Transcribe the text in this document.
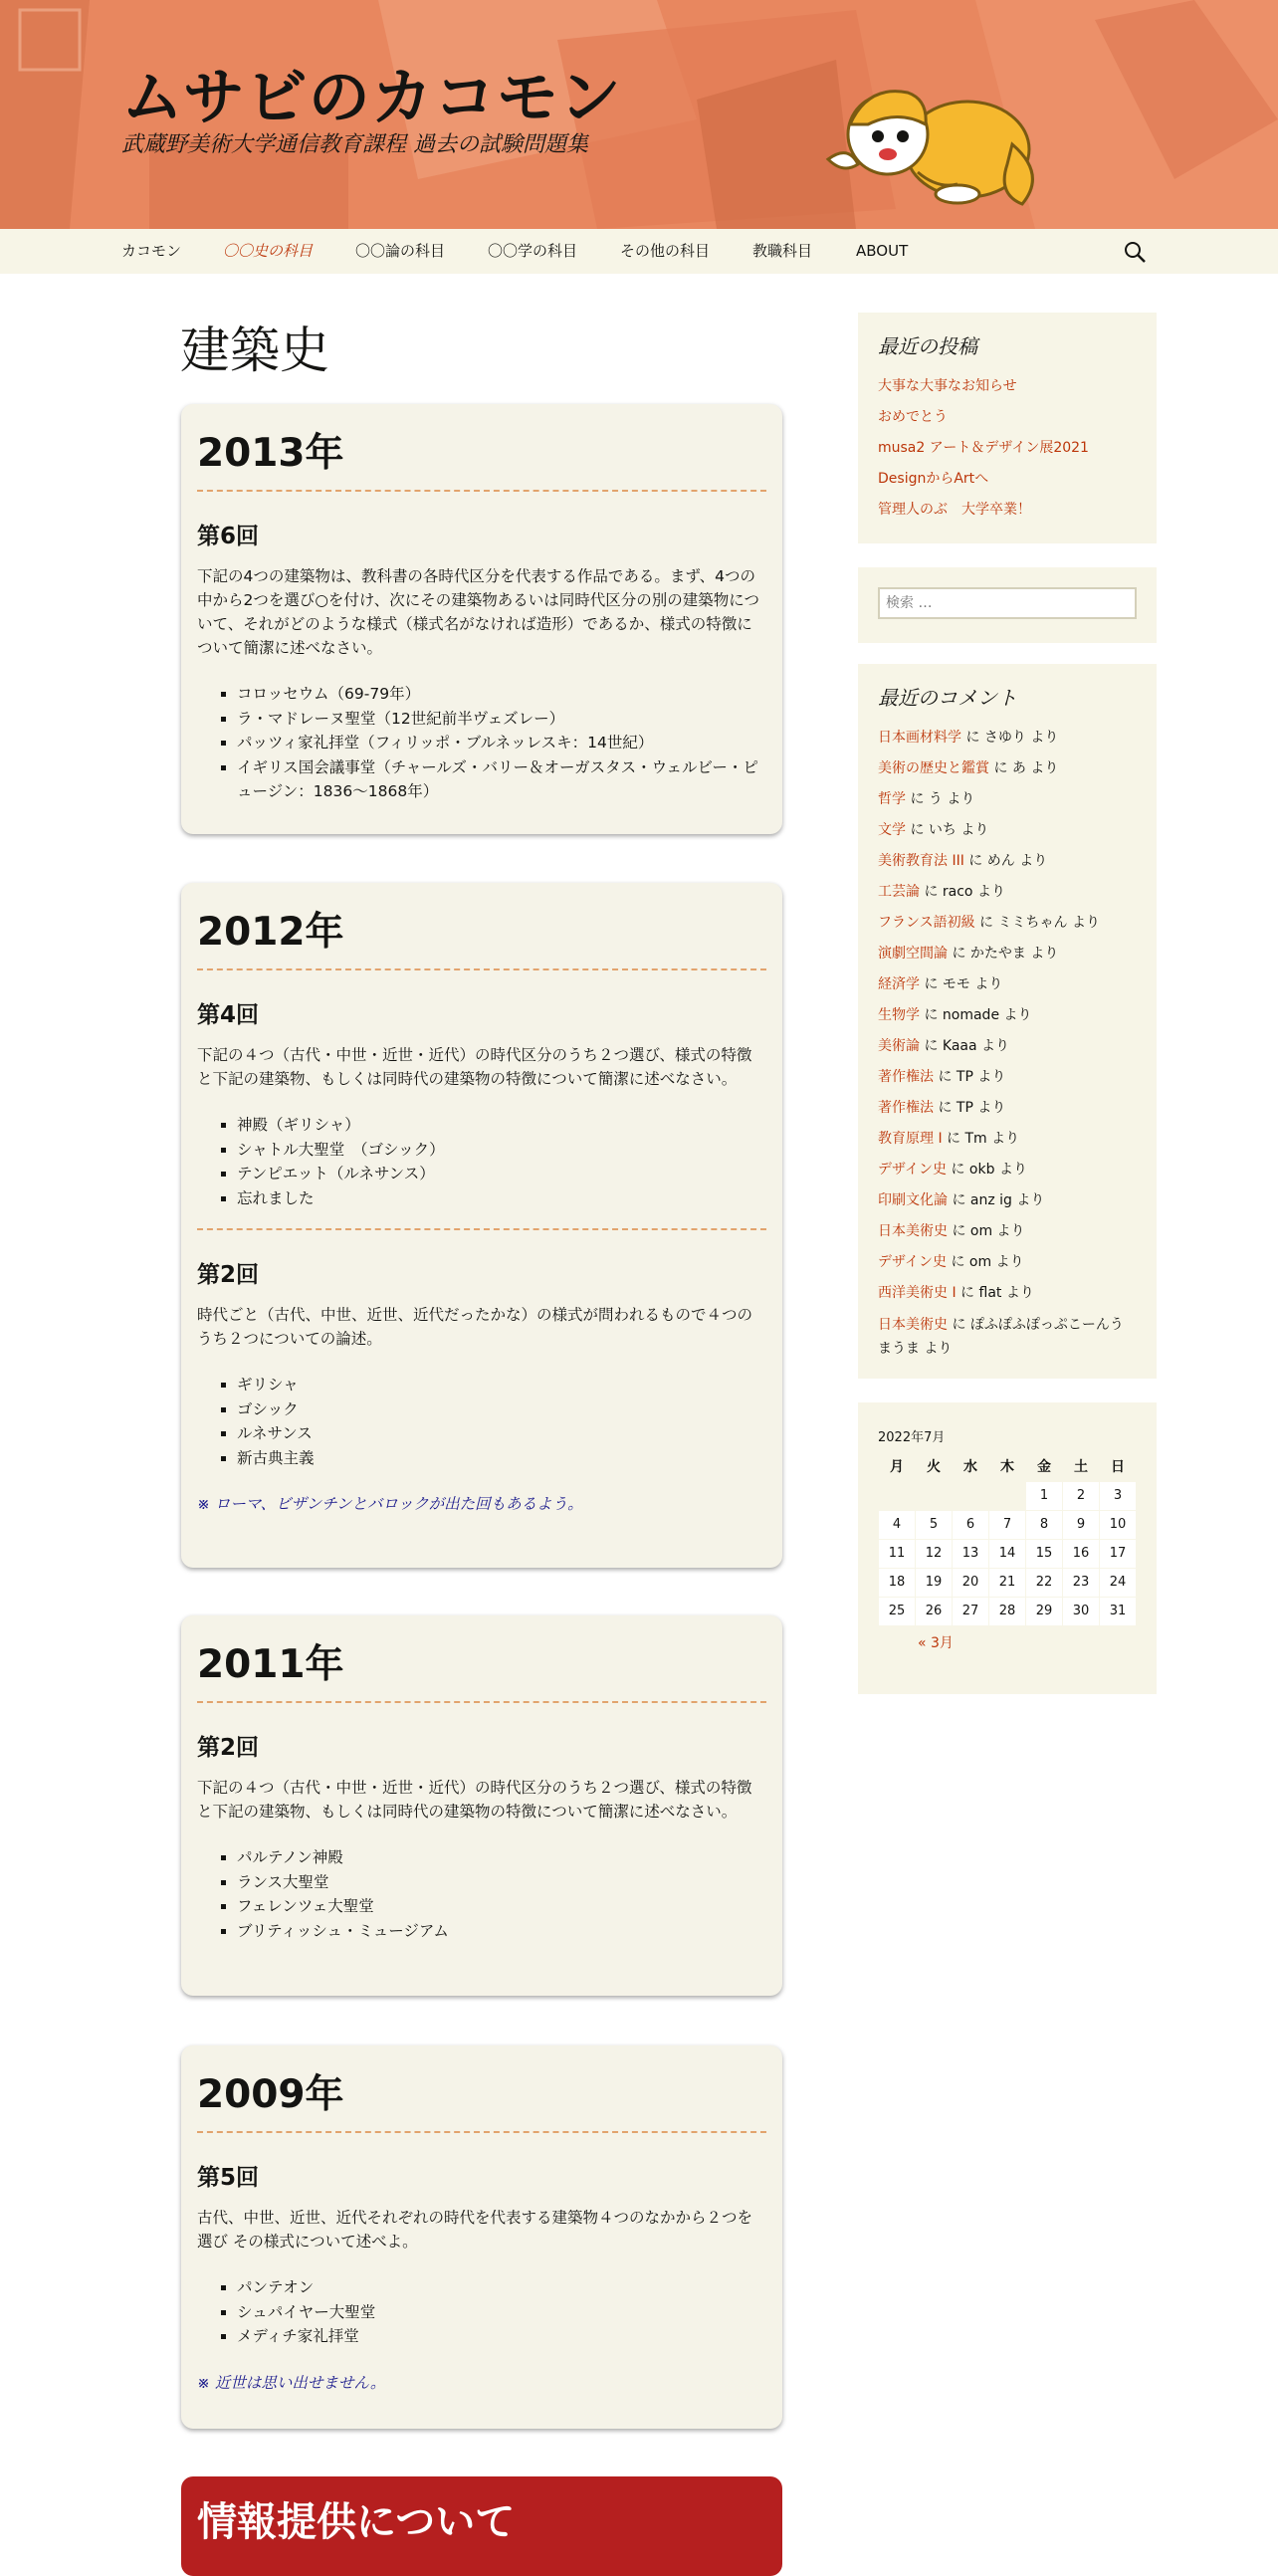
ムサビのカコモン
武蔵野美術大学通信教育課程 過去の試験問題集
カコモン	〇〇史の科目	〇〇論の科目	〇〇学の科目	その他の科目	教職科目	ABOUT
建築史
2013年
第6回

下記の4つの建築物は、教科書の各時代区分を代表する作品である。まず、4つの中から2つを選び○を付け、次にその建築物あるいは同時代区分の別の建築物について、それがどのような様式（様式名がなければ造形）であるか、様式の特徴について簡潔に述べなさい。

▪ コロッセウム（69-79年）
▪ ラ・マドレーヌ聖堂（12世紀前半ヴェズレー）
▪ パッツィ家礼拝堂（フィリッポ・ブルネッレスキ：14世紀）
▪ イギリス国会議事堂（チャールズ・バリー＆オーガスタス・ウェルビー・ピュージン：1836～1868年）
2012年
第4回

下記の４つ（古代・中世・近世・近代）の時代区分のうち２つ選び、様式の特徴と下記の建築物、もしくは同時代の建築物の特徴について簡潔に述べなさい。

▪ 神殿（ギリシャ）
▪ シャトル大聖堂　（ゴシック）
▪ テンピエット（ルネサンス）
▪ 忘れました
第2回

時代ごと（古代、中世、近世、近代だったかな）の様式が問われるもので４つのうち２つについての論述。

▪ ギリシャ
▪ ゴシック
▪ ルネサンス
▪ 新古典主義
※ ローマ、ビザンチンとバロックが出た回もあるよう。
2011年
第2回

下記の４つ（古代・中世・近世・近代）の時代区分のうち２つ選び、様式の特徴と下記の建築物、もしくは同時代の建築物の特徴について簡潔に述べなさい。

▪ パルテノン神殿
▪ ランス大聖堂
▪ フェレンツェ大聖堂
▪ ブリティッシュ・ミュージアム
2009年
第5回

古代、中世、近世、近代それぞれの時代を代表する建築物４つのなかから２つを選び その様式について述べよ。

▪ パンテオン
▪ シュパイヤー大聖堂
▪ メディチ家礼拝堂
※ 近世は思い出せません。
情報提供について
最近の投稿
大事な大事なお知らせ
おめでとう
musa2 アート＆デザイン展2021
DesignからArtへ
管理人のぶ　大学卒業！
検索 …
最近のコメント
日本画材料学 に さゆり より
美術の歴史と鑑賞 に あ より
哲学 に う より
文学 に いち より
美術教育法 III に めん より
工芸論 に raco より
フランス語初級 に ミミちゃん より
演劇空間論 に かたやま より
経済学 に モモ より
生物学 に nomade より
美術論 に Kaaa より
著作権法 に TP より
著作権法 に TP より
教育原理 I に Tm より
デザイン史 に okb より
印刷文化論 に anz ig より
日本美術史 に om より
デザイン史 に om より
西洋美術史 I に flat より
日本美術史 に ぽふぽふぽっぷこーんうまうま より
2022年7月
月	火	水	木	金	土	日
				1	2	3
4	5	6	7	8	9	10
11	12	13	14	15	16	17
18	19	20	21	22	23	24
25	26	27	28	29	30	31
« 3月
